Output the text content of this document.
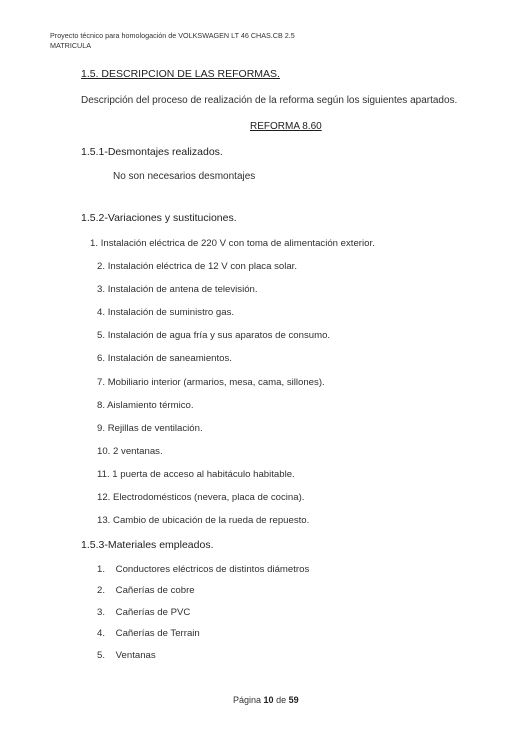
Proyecto técnico para homologación de VOLKSWAGEN LT 46 CHAS.CB 2.5
MATRICULA
1.5. DESCRIPCION DE LAS REFORMAS.
Descripción del proceso de realización de la reforma según los siguientes apartados.
REFORMA 8.60
1.5.1-Desmontajes realizados.
No son necesarios desmontajes
1.5.2-Variaciones y sustituciones.
1. Instalación eléctrica de 220 V con toma de alimentación exterior.
2. Instalación eléctrica de 12 V con placa solar.
3. Instalación de antena de televisión.
4. Instalación de suministro gas.
5. Instalación de agua fría y sus aparatos de consumo.
6. Instalación de saneamientos.
7. Mobiliario interior (armarios, mesa, cama, sillones).
8. Aislamiento térmico.
9. Rejillas de ventilación.
10. 2 ventanas.
11. 1 puerta de acceso al habitáculo habitable.
12. Electrodomésticos (nevera, placa de cocina).
13. Cambio de ubicación de la rueda de repuesto.
1.5.3-Materiales empleados.
1. Conductores eléctricos de distintos diámetros
2. Cañerías de cobre
3. Cañerías de PVC
4. Cañerías de Terrain
5. Ventanas
Página 10 de 59
